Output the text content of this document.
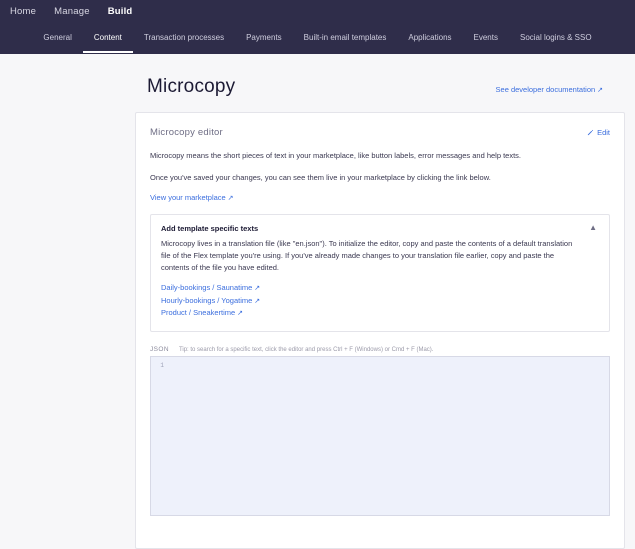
Home Manage Build
General	Content	Transaction processes	Payments	Built-in email templates	Applications	Events	Social logins & SSO
Microcopy	See developer documentation ↗
Microcopy editor	Edit

Microcopy means the short pieces of text in your marketplace, like button labels, error messages and help texts.

Once you've saved your changes, you can see them live in your marketplace by clicking the link below.

View your marketplace ↗

Add template specific texts

Microcopy lives in a translation file (like "en.json"). To initialize the editor, copy and paste the contents of a default translation file of the Flex template you're using. If you've already made changes to your translation file earlier, copy and paste the contents of the file you have edited.

▲
Daily-bookings / Saunatime ↗
Hourly-bookings / Yogatime ↗
Product / Sneakertime ↗
JSON Tip: to search for a specific text, click the editor and press Ctrl + F (Windows) or Cmd + F (Mac).
1
